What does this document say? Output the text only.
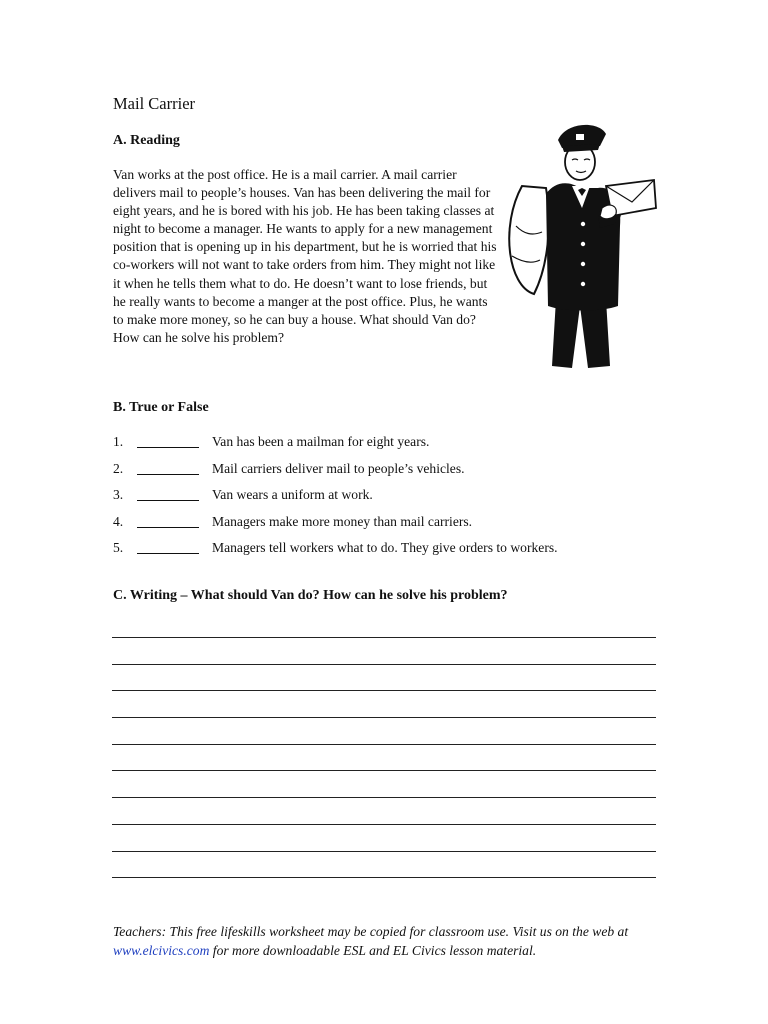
Mail Carrier
A. Reading

Van works at the post office. He is a mail carrier. A mail carrier delivers mail to people’s houses. Van has been delivering the mail for eight years, and he is bored with his job. He has been taking classes at night to become a manager. He wants to apply for a new management position that is opening up in his department, but he is worried that his co-workers will not want to take orders from him. They might not like it when he tells them what to do. He doesn’t want to lose friends, but he really wants to become a manger at the post office. Plus, he wants to make more money, so he can buy a house. What should Van do? How can he solve his problem?

B. True or False
1.	Van has been a mailman for eight years.
2.	Mail carriers deliver mail to people’s vehicles.
3.	Van wears a uniform at work.
4.	Managers make more money than mail carriers.
5.	Managers tell workers what to do. They give orders to workers.
C. Writing – What should Van do? How can he solve his problem?

Teachers: This free lifeskills worksheet may be copied for classroom use. Visit us on the web at www.elcivics.com for more downloadable ESL and EL Civics lesson material.
